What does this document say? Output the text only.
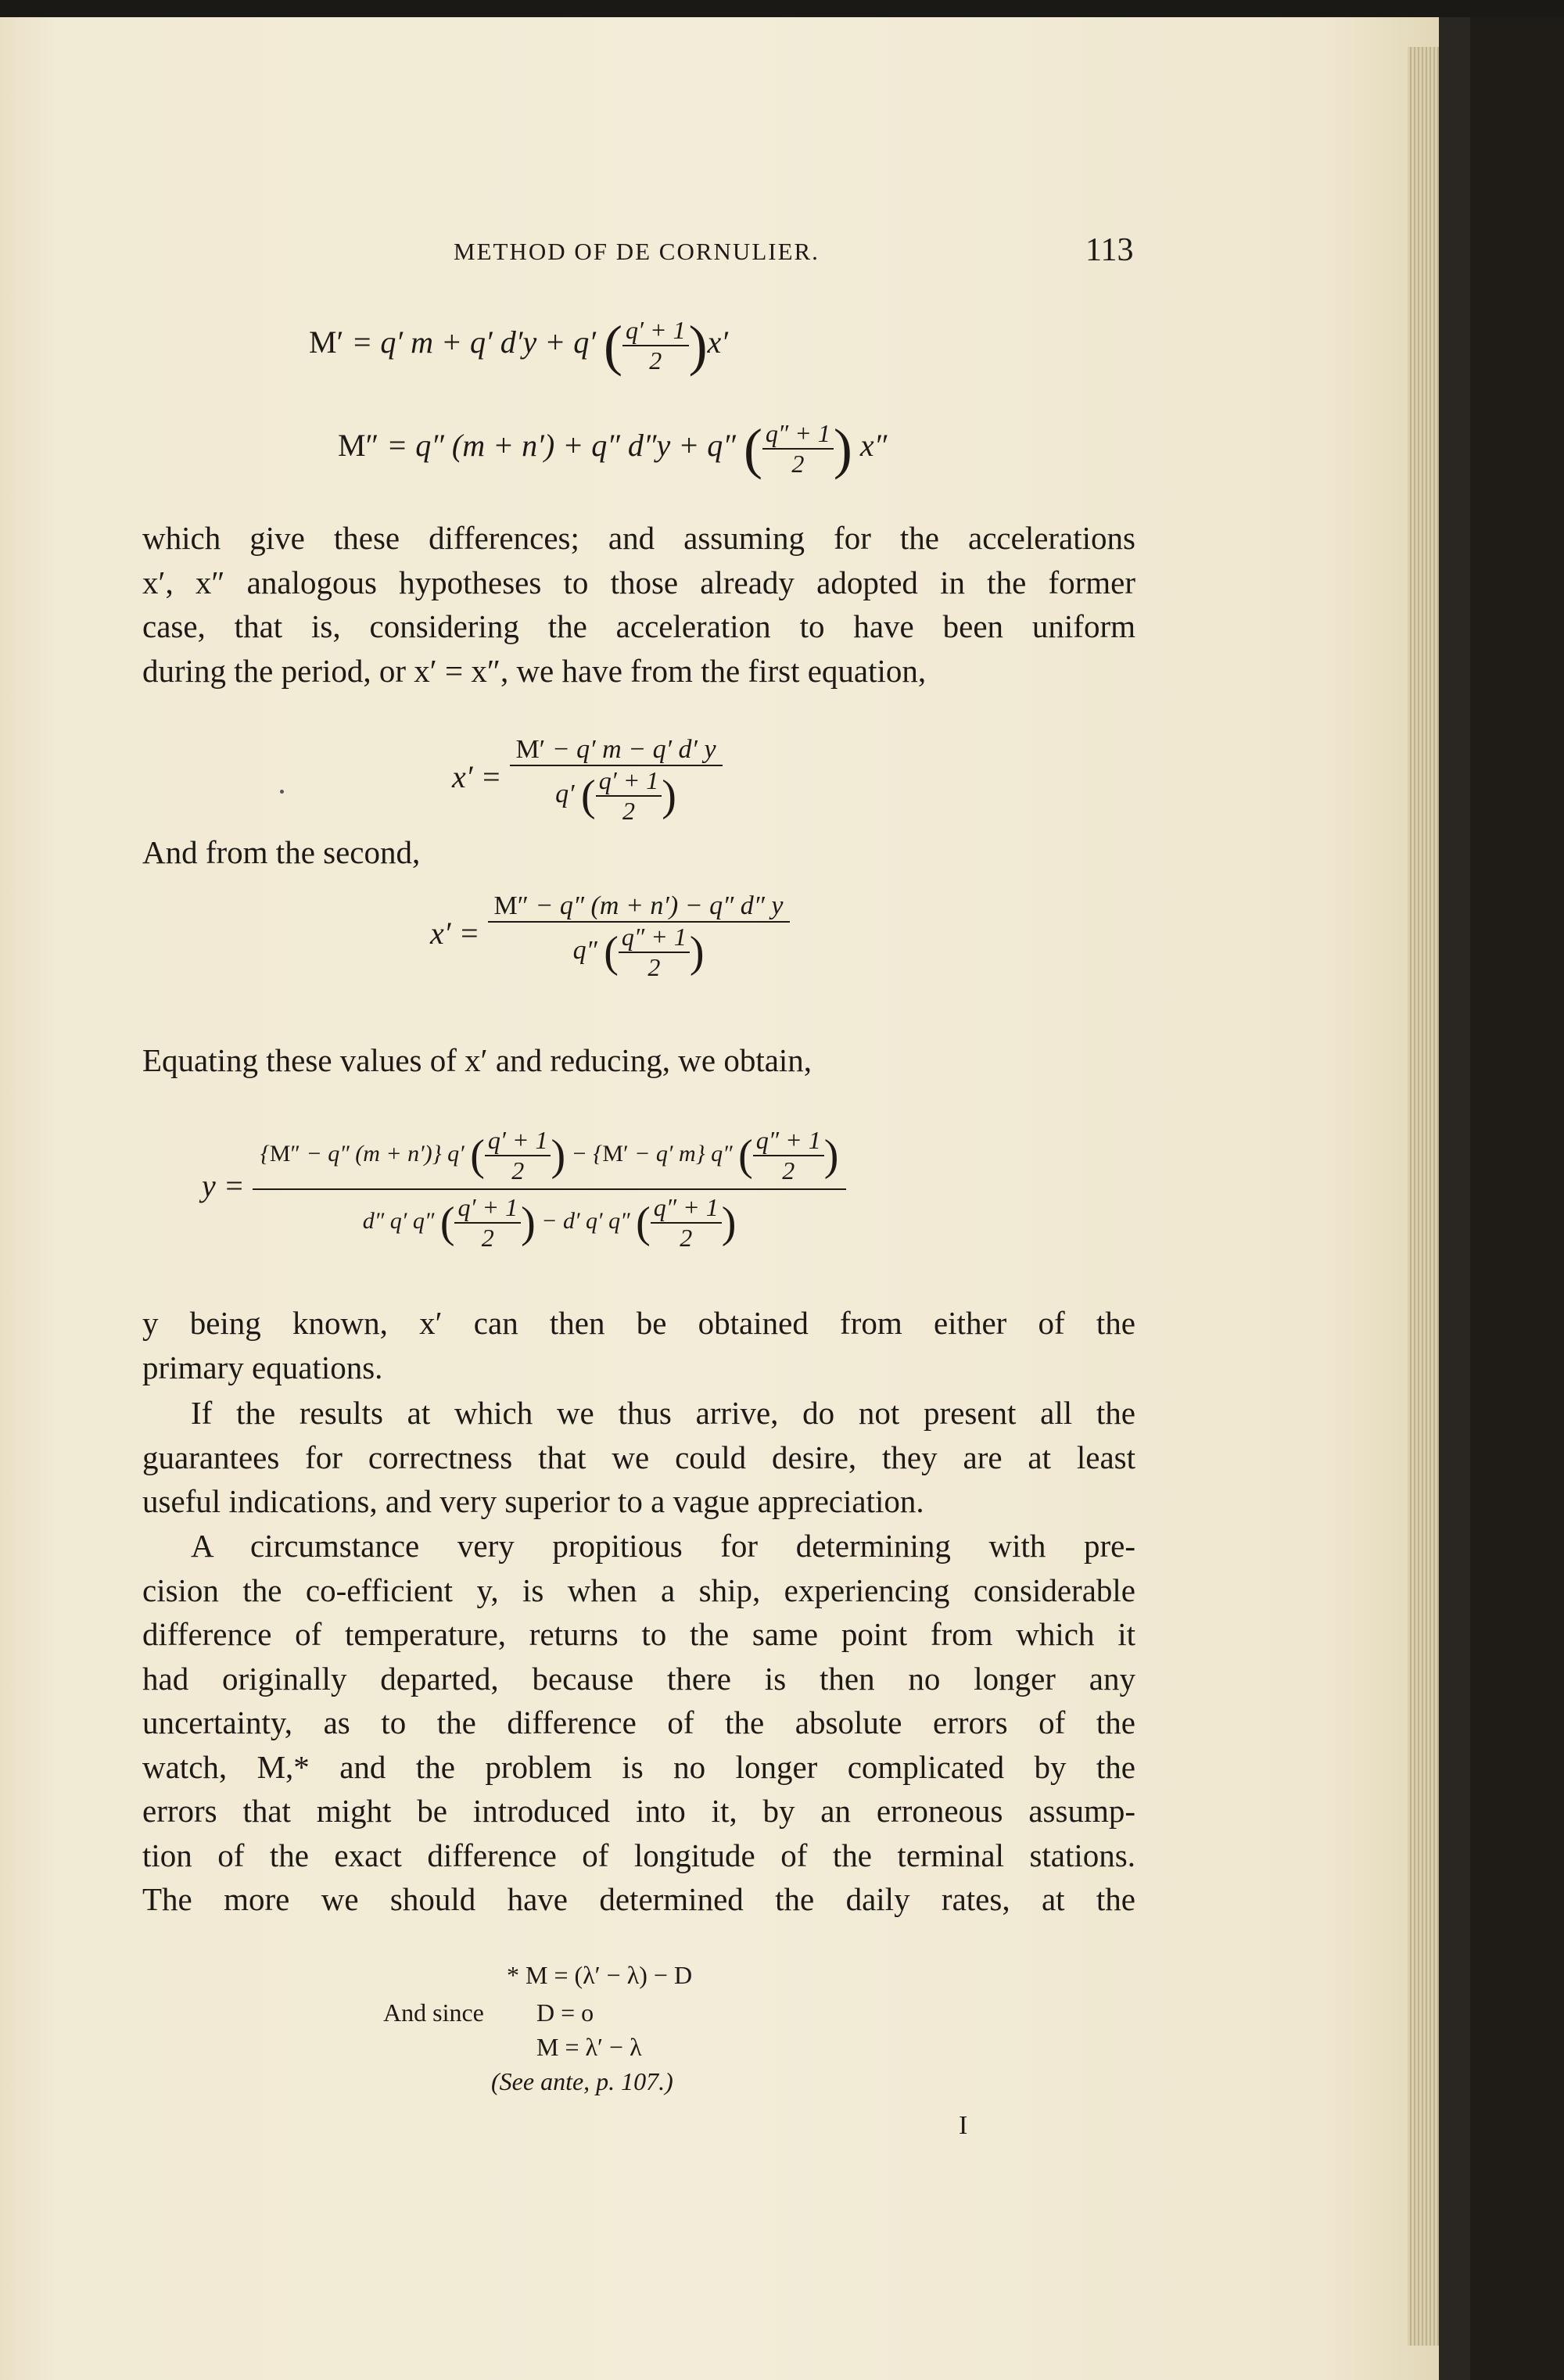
METHOD OF DE CORNULIER.	113
M′ = q′ m + q′ d′y + q′ ( $\frac{q' + 1}{2} )x'$
M″ = q″ (m + n′) + q″ d″y + q″ ( $\frac{q'' + 1}{2}$ ) x″
which give these differences; and assuming for the accelerations
x′, x″ analogous hypotheses to those already adopted in the former
case, that is, considering the acceleration to have been uniform
during the period, or x′ = x″, we have from the first equation,
$x' = \frac{M' - q' m - q' d' y}{q' ( \frac{q' + 1}{2} )}$
And from the second,
$x' = \frac{M'' - q'' (m + n') - q'' d'' y}{q'' ( \frac{q'' + 1}{2} )}$
Equating these values of x′ and reducing, we obtain,
y =
{M″ − q″ (m + n′)} q′ ( $\frac{q' + 1}{2}$ ) − {M′ − q′ m} q″ ( $\frac{q'' + 1}{2}$ )
d″ q′ q″ ( $\frac{q' + 1}{2}$ ) − d′ q′ q″ ( $\frac{q'' + 1}{2}$ )
y being known, x′ can then be obtained from either of the
primary equations.
If the results at which we thus arrive, do not present all the
guarantees for correctness that we could desire, they are at least
useful indications, and very superior to a vague appreciation.
A circumstance very propitious for determining with pre-
cision the co-efficient y, is when a ship, experiencing considerable
difference of temperature, returns to the same point from which it
had originally departed, because there is then no longer any
uncertainty, as to the difference of the absolute errors of the
watch, M,* and the problem is no longer complicated by the
errors that might be introduced into it, by an erroneous assump-
tion of the exact difference of longitude of the terminal stations.
The more we should have determined the daily rates, at the
* M = (λ′ − λ) − D
And since D = o
M = λ′ − λ
(See ante, p. 107.)
I
